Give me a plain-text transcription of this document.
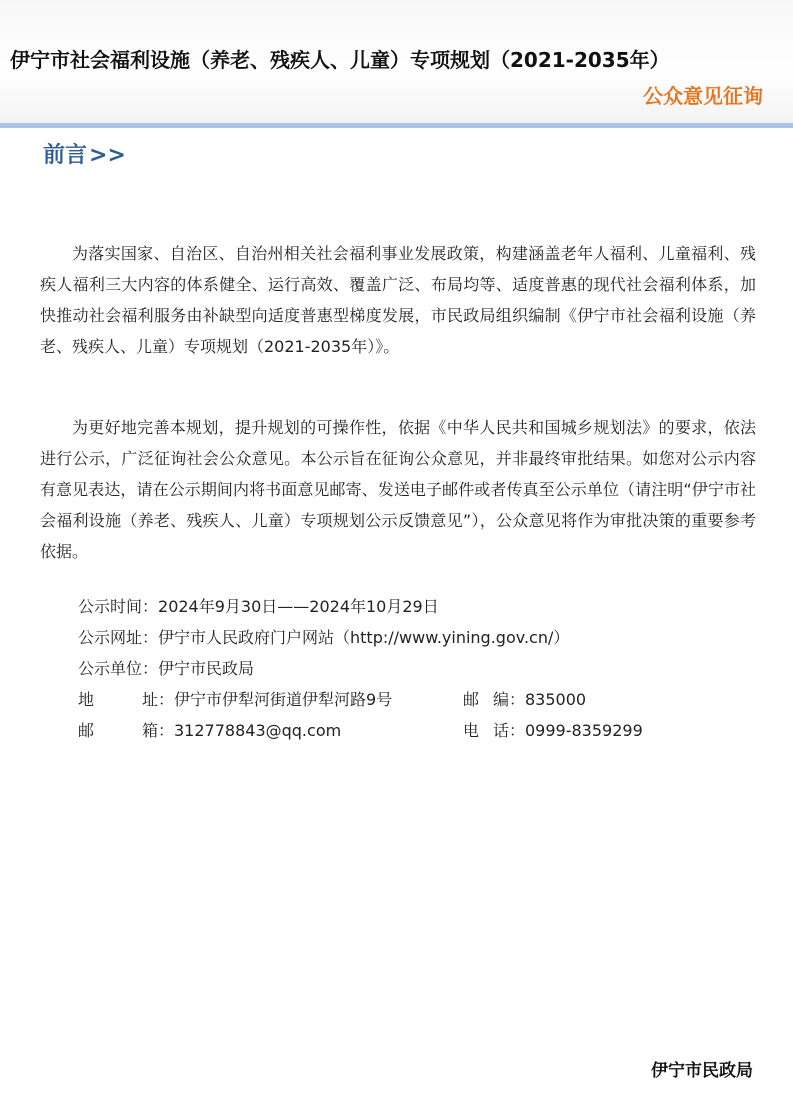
伊宁市社会福利设施（养老、残疾人、儿童）专项规划（2021-2035年）
公众意见征询
前言>>

为落实国家、自治区、自治州相关社会福利事业发展政策，构建涵盖老年人福利、儿童福利、残疾人福利三大内容的体系健全、运行高效、覆盖广泛、布局均等、适度普惠的现代社会福利体系，加快推动社会福利服务由补缺型向适度普惠型梯度发展，市民政局组织编制《伊宁市社会福利设施（养老、残疾人、儿童）专项规划（2021-2035年）》。

为更好地完善本规划，提升规划的可操作性，依据《中华人民共和国城乡规划法》的要求，依法进行公示，广泛征询社会公众意见。本公示旨在征询公众意见，并非最终审批结果。如您对公示内容有意见表达，请在公示期间内将书面意见邮寄、发送电子邮件或者传真至公示单位（请注明“伊宁市社会福利设施（养老、残疾人、儿童）专项规划公示反馈意见”），公众意见将作为审批决策的重要参考依据。

公示时间 ： 2024年9月30日——2024年10月29日
公示网址 ： 伊宁市人民政府门户网站（http://www.yining.gov.cn/）
公示单位 ： 伊宁市民政局
地	址 ： 伊宁市伊犁河街道伊犁河路9号	邮 编 ： 835000
邮	箱 ： 312778843@qq.com	电 话 ： 0999-8359299
伊宁市民政局
